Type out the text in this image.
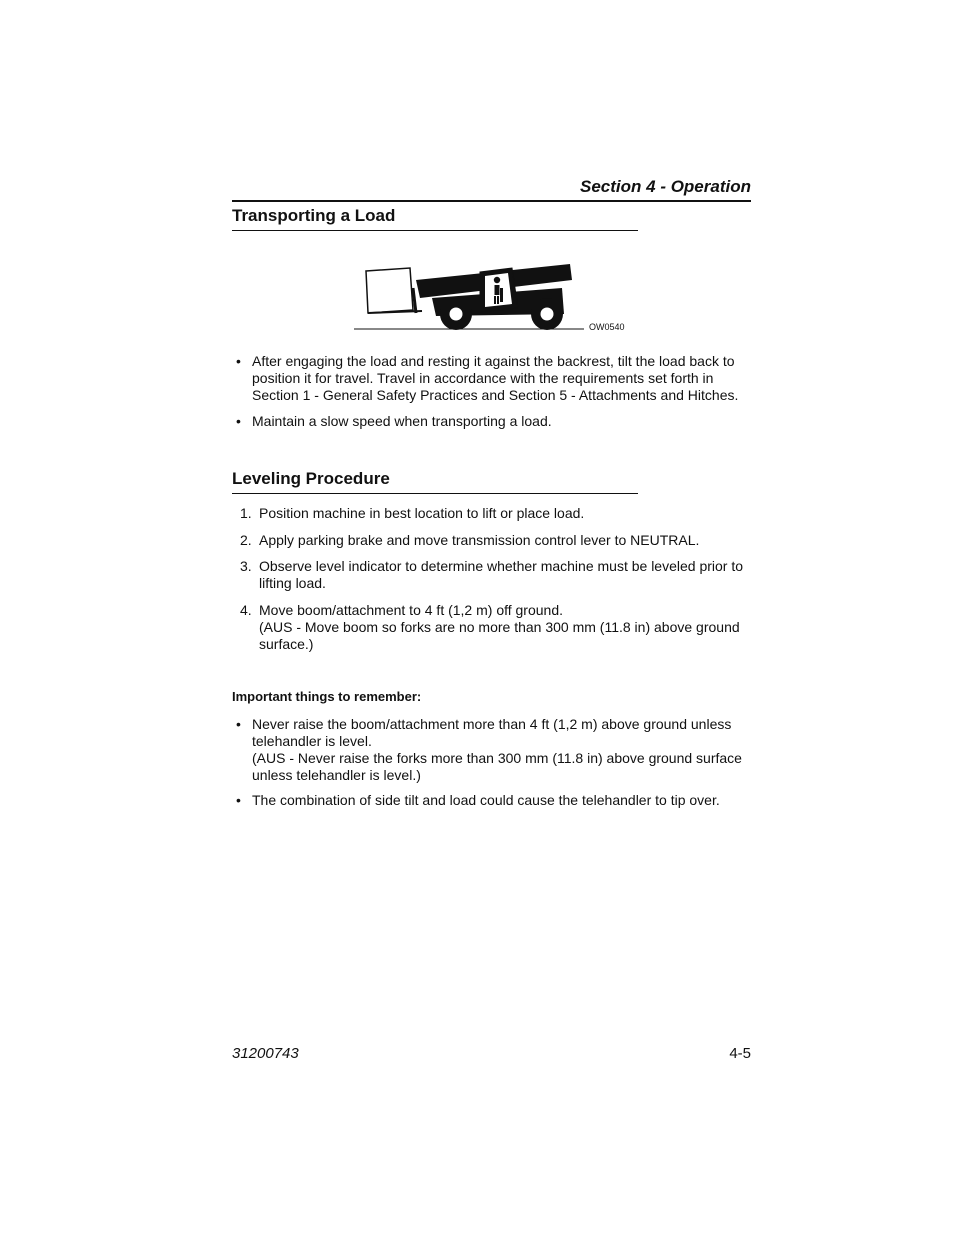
Section 4 - Operation
Transporting a Load
OW0540
• After engaging the load and resting it against the backrest, tilt the load back to
position it for travel. Travel in accordance with the requirements set forth in
Section 1 - General Safety Practices and Section 5 - Attachments and Hitches.
• Maintain a slow speed when transporting a load.
Leveling Procedure
1. Position machine in best location to lift or place load.
2. Apply parking brake and move transmission control lever to NEUTRAL.
3. Observe level indicator to determine whether machine must be leveled prior to
lifting load.
4. Move boom/attachment to 4 ft (1,2 m) off ground.
(AUS - Move boom so forks are no more than 300 mm (11.8 in) above ground
surface.)
Important things to remember:
• Never raise the boom/attachment more than 4 ft (1,2 m) above ground unless
telehandler is level.
(AUS - Never raise the forks more than 300 mm (11.8 in) above ground surface
unless telehandler is level.)
• The combination of side tilt and load could cause the telehandler to tip over.
31200743	4-5
